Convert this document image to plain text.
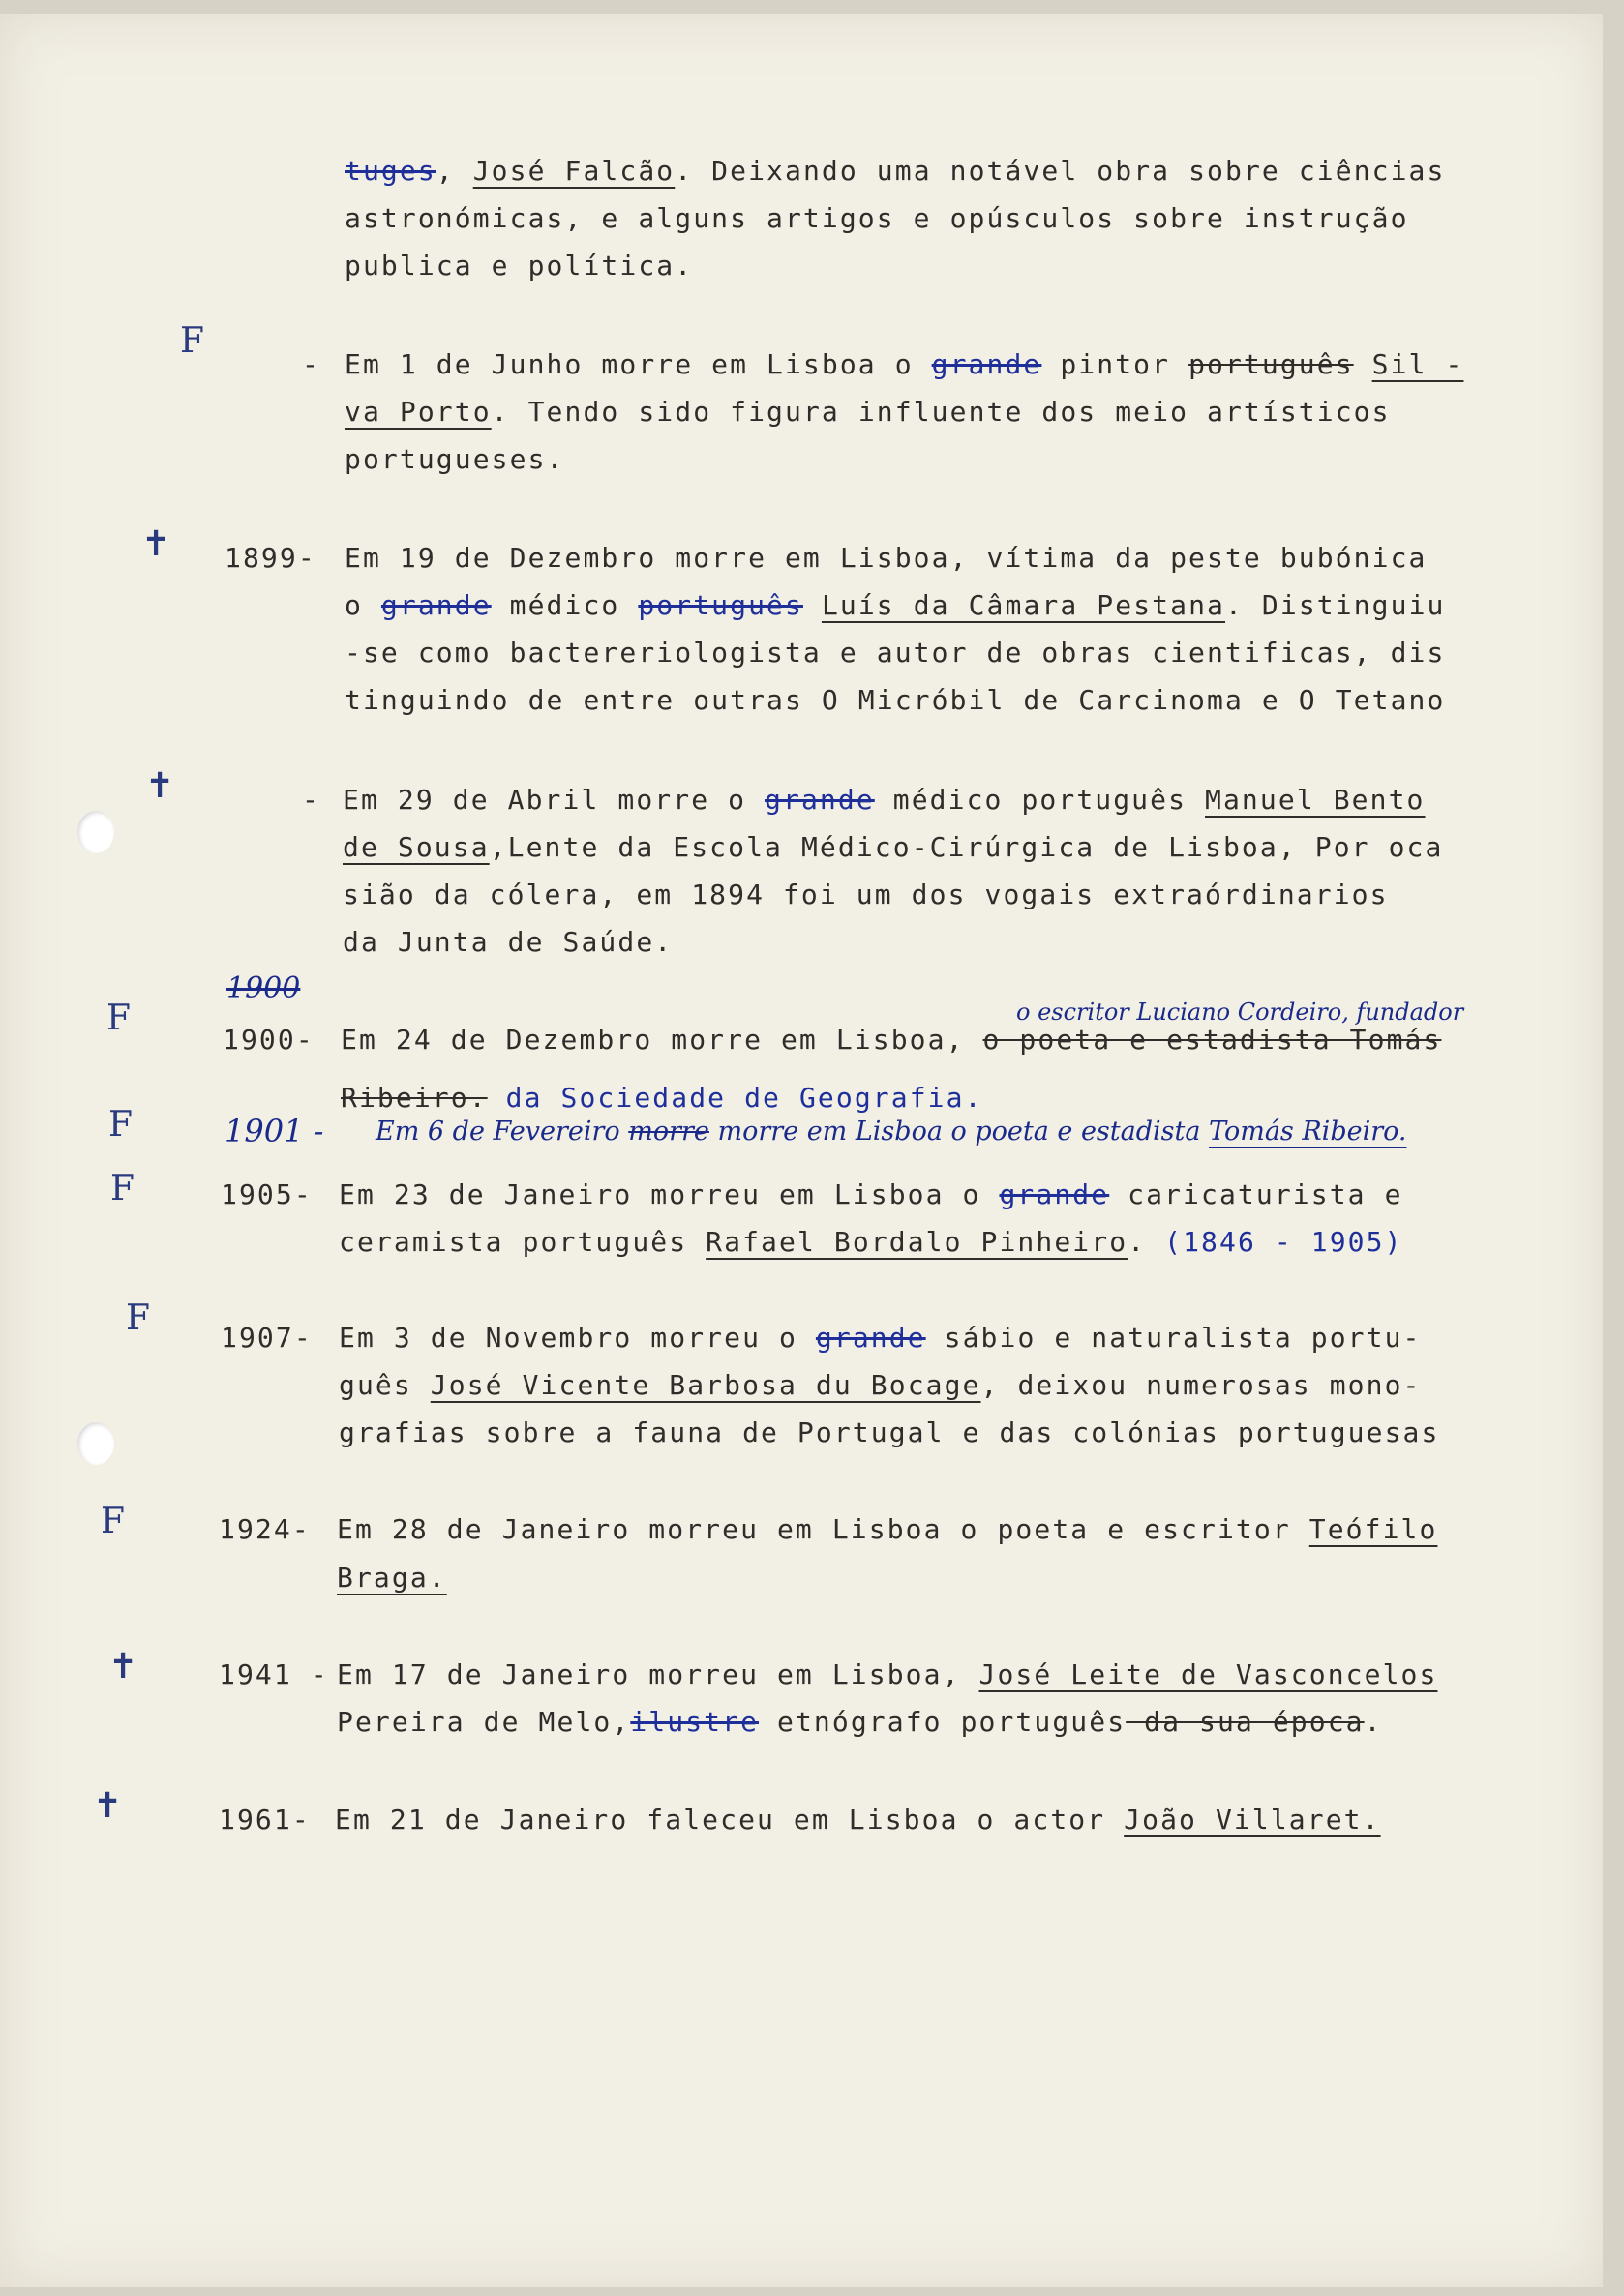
F
✝
✝
F
F
F
F
F
✝
✝
-
1899-
-
1900-
1901 -
1905-
1907-
1924-
1941 -
1961-
1900
o escritor Luciano Cordeiro, fundador
tuges, José Falcão. Deixando uma notável obra sobre ciências
astronómicas, e alguns artigos e opúsculos sobre instrução
publica e política.
Em 1 de Junho morre em Lisboa o grande pintor português Sil -
va Porto. Tendo sido figura influente dos meio artísticos
portugueses.
Em 19 de Dezembro morre em Lisboa, vítima da peste bubónica
o grande médico português Luís da Câmara Pestana. Distinguiu
-se como bactereriologista e autor de obras cientificas, dis
tinguindo de entre outras O Micróbil de Carcinoma e O Tetano
Em 29 de Abril morre o grande médico português Manuel Bento
de Sousa,Lente da Escola Médico-Cirúrgica de Lisboa, Por oca
sião da cólera, em 1894 foi um dos vogais extraórdinarios
da Junta de Saúde.
Em 24 de Dezembro morre em Lisboa, o poeta e estadista Tomás
Ribeiro. da Sociedade de Geografia.
Em 6 de Fevereiro morre morre em Lisboa o poeta e estadista Tomás Ribeiro.
Em 23 de Janeiro morreu em Lisboa o grande caricaturista e
ceramista português Rafael Bordalo Pinheiro. (1846 - 1905)
Em 3 de Novembro morreu o grande sábio e naturalista portu-
guês José Vicente Barbosa du Bocage, deixou numerosas mono-
grafias sobre a fauna de Portugal e das colónias portuguesas
Em 28 de Janeiro morreu em Lisboa o poeta e escritor Teófilo
Braga.
Em 17 de Janeiro morreu em Lisboa, José Leite de Vasconcelos
Pereira de Melo,ilustre etnógrafo português da sua época.
Em 21 de Janeiro faleceu em Lisboa o actor João Villaret.
